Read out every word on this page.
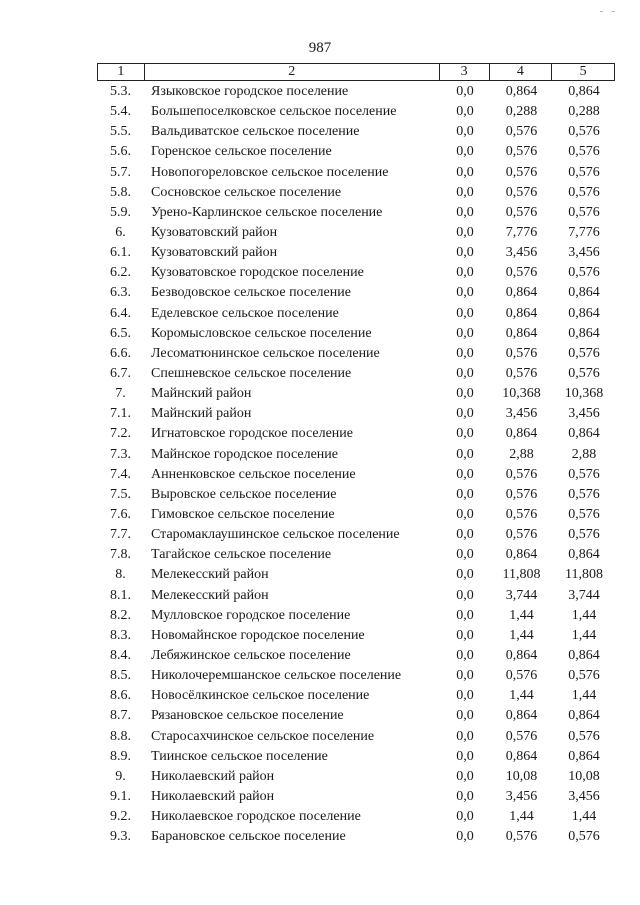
- -
987
1	2	3	4	5
5.3.	Языковское городское поселение	0,0	0,864	0,864
5.4.	Большепоселковское сельское поселение	0,0	0,288	0,288
5.5.	Вальдиватское сельское поселение	0,0	0,576	0,576
5.6.	Горенское сельское поселение	0,0	0,576	0,576
5.7.	Новопогореловское сельское поселение	0,0	0,576	0,576
5.8.	Сосновское сельское поселение	0,0	0,576	0,576
5.9.	Урено-Карлинское сельское поселение	0,0	0,576	0,576
6.	Кузоватовский район	0,0	7,776	7,776
6.1.	Кузоватовский район	0,0	3,456	3,456
6.2.	Кузоватовское городское поселение	0,0	0,576	0,576
6.3.	Безводовское сельское поселение	0,0	0,864	0,864
6.4.	Еделевское сельское поселение	0,0	0,864	0,864
6.5.	Коромысловское сельское поселение	0,0	0,864	0,864
6.6.	Лесоматюнинское сельское поселение	0,0	0,576	0,576
6.7.	Спешневское сельское поселение	0,0	0,576	0,576
7.	Майнский район	0,0	10,368	10,368
7.1.	Майнский район	0,0	3,456	3,456
7.2.	Игнатовское городское поселение	0,0	0,864	0,864
7.3.	Майнское городское поселение	0,0	2,88	2,88
7.4.	Анненковское сельское поселение	0,0	0,576	0,576
7.5.	Выровское сельское поселение	0,0	0,576	0,576
7.6.	Гимовское сельское поселение	0,0	0,576	0,576
7.7.	Старомаклаушинское сельское поселение	0,0	0,576	0,576
7.8.	Тагайское сельское поселение	0,0	0,864	0,864
8.	Мелекесский район	0,0	11,808	11,808
8.1.	Мелекесский район	0,0	3,744	3,744
8.2.	Мулловское городское поселение	0,0	1,44	1,44
8.3.	Новомайнское городское поселение	0,0	1,44	1,44
8.4.	Лебяжинское сельское поселение	0,0	0,864	0,864
8.5.	Николочеремшанское сельское поселение	0,0	0,576	0,576
8.6.	Новосёлкинское сельское поселение	0,0	1,44	1,44
8.7.	Рязановское сельское поселение	0,0	0,864	0,864
8.8.	Старосахчинское сельское поселение	0,0	0,576	0,576
8.9.	Тиинское сельское поселение	0,0	0,864	0,864
9.	Николаевский район	0,0	10,08	10,08
9.1.	Николаевский район	0,0	3,456	3,456
9.2.	Николаевское городское поселение	0,0	1,44	1,44
9.3.	Барановское сельское поселение	0,0	0,576	0,576
